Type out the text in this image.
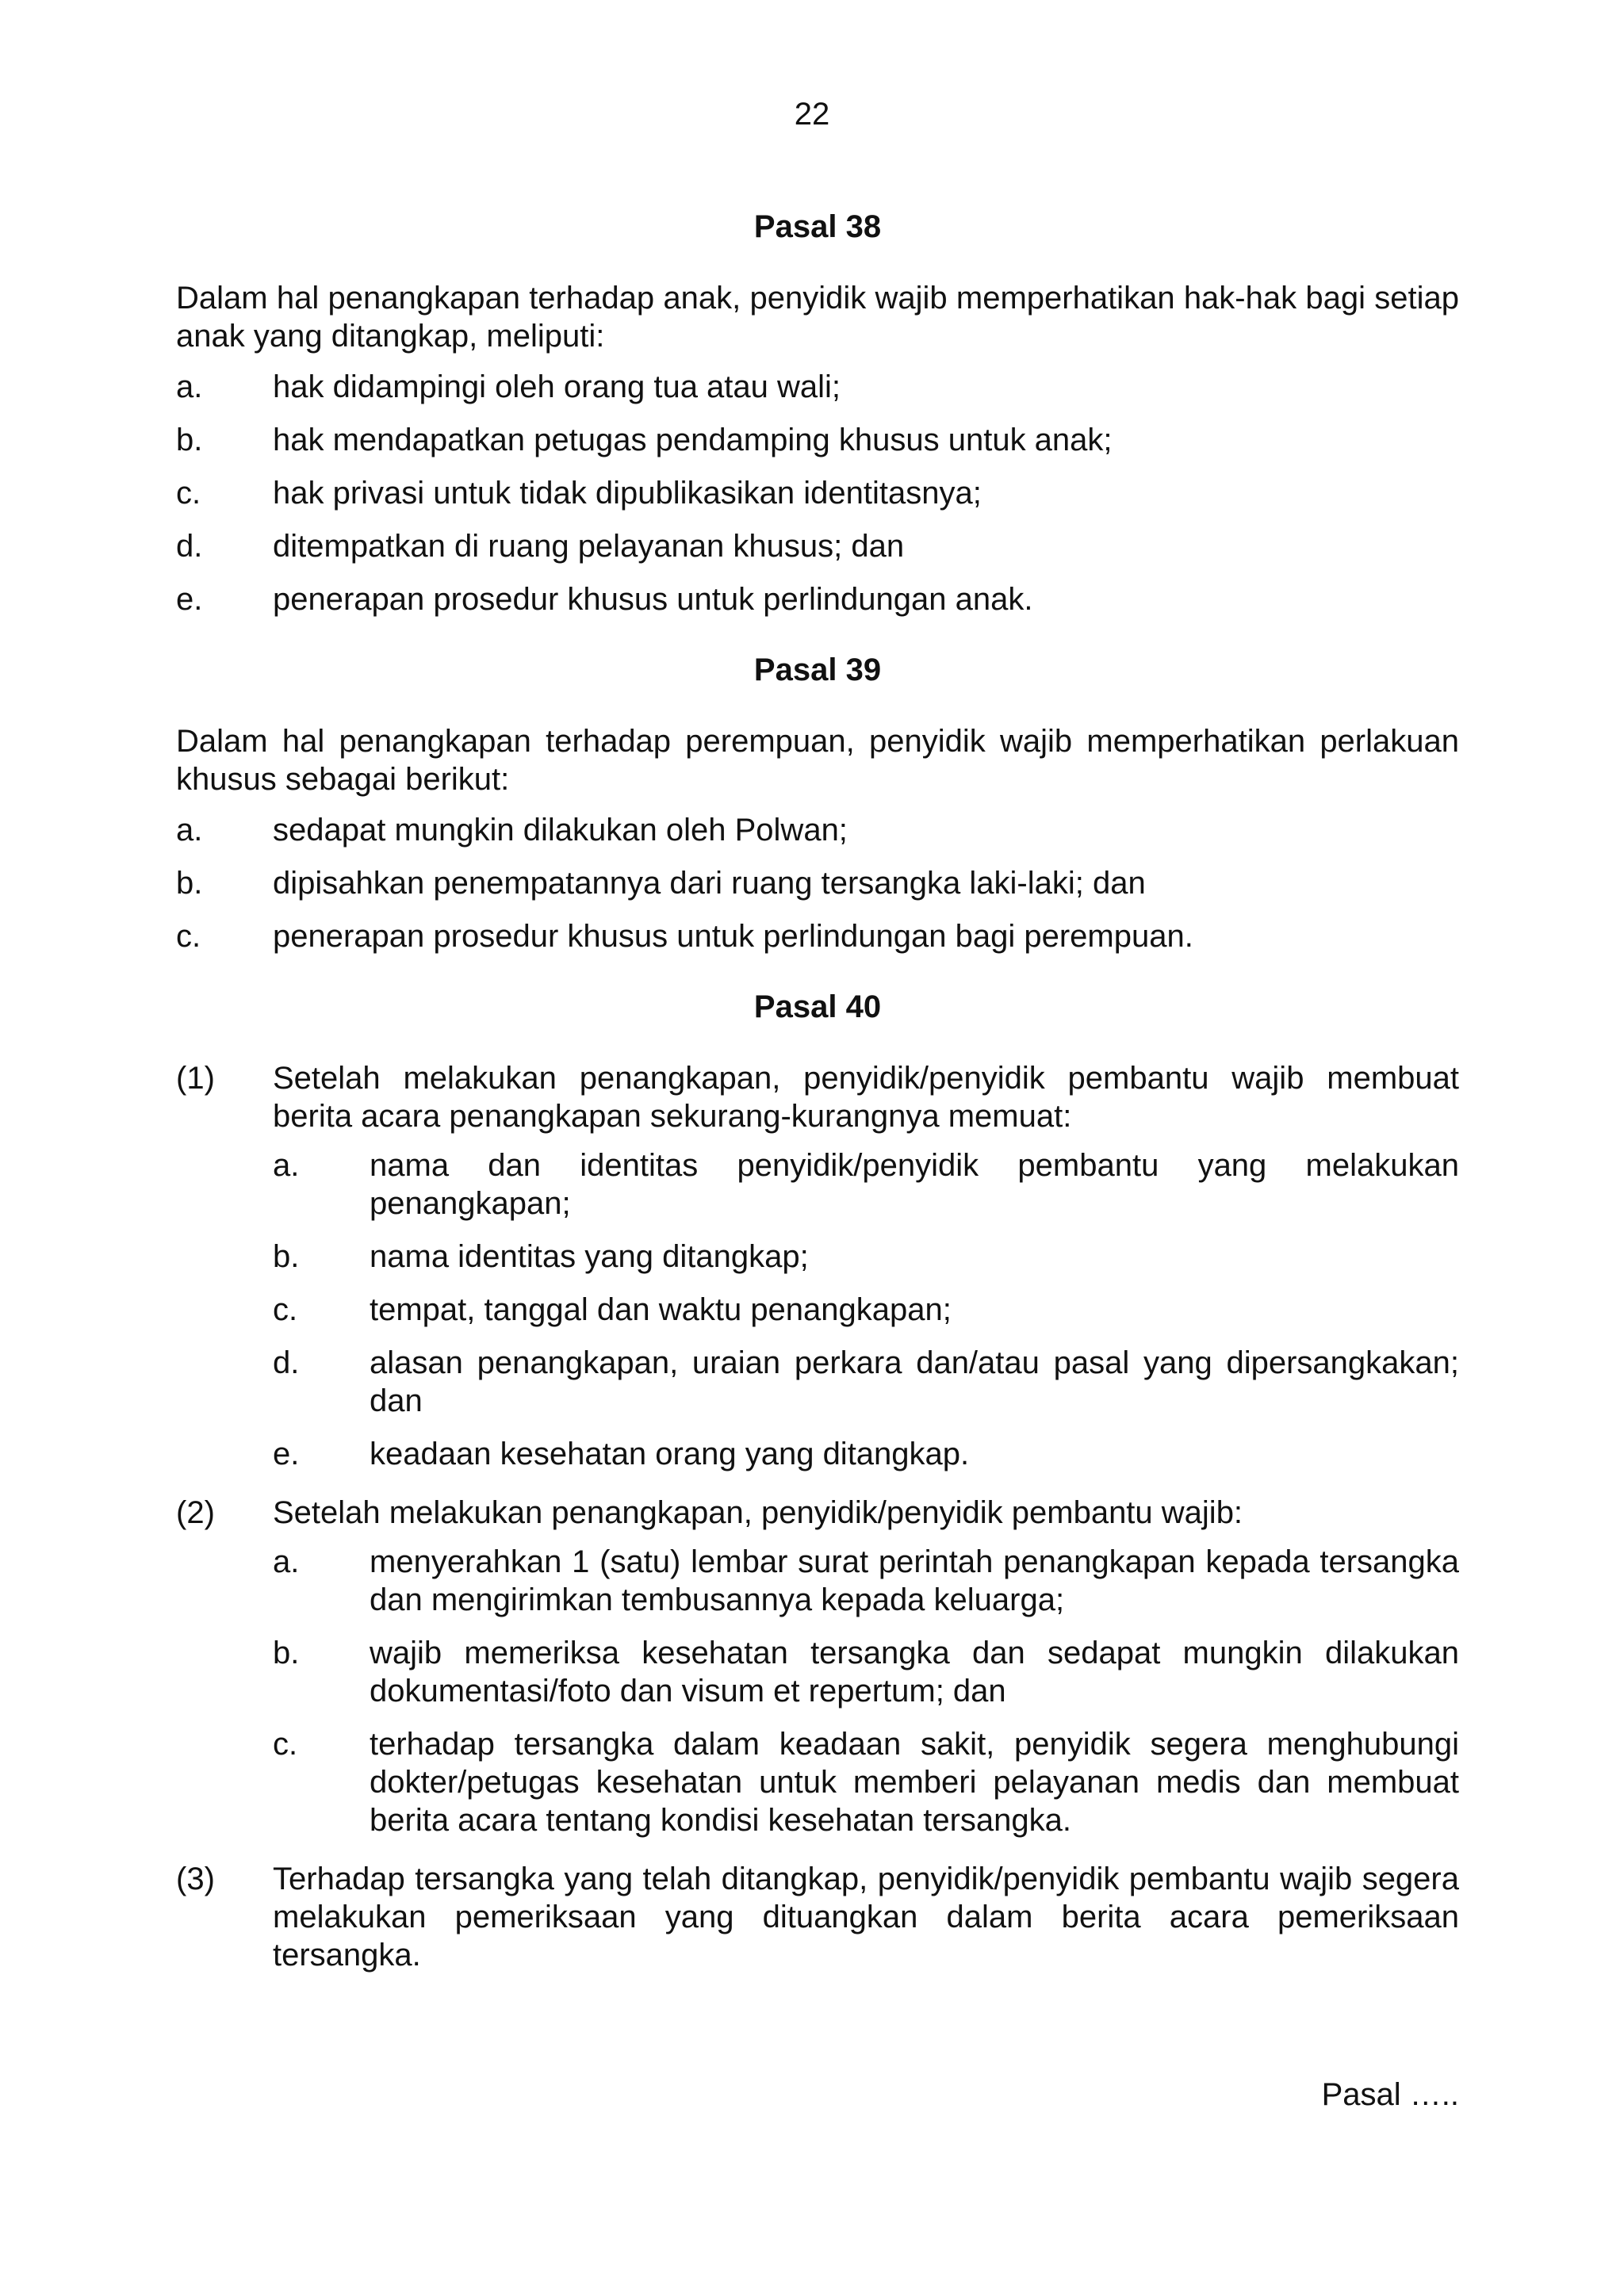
22
Pasal 38
Dalam hal penangkapan terhadap anak, penyidik wajib memperhatikan hak-hak bagi setiap anak yang ditangkap, meliputi:
a.	hak didampingi oleh orang tua atau wali;
b.	hak mendapatkan petugas pendamping khusus untuk anak;
c.	hak privasi untuk tidak dipublikasikan identitasnya;
d.	ditempatkan di ruang pelayanan khusus; dan
e.	penerapan prosedur khusus untuk perlindungan anak.
Pasal 39
Dalam hal penangkapan terhadap perempuan, penyidik wajib memperhatikan perlakuan khusus sebagai berikut:
a.	sedapat mungkin dilakukan oleh Polwan;
b.	dipisahkan penempatannya dari ruang tersangka laki-laki; dan
c.	penerapan prosedur khusus untuk perlindungan bagi perempuan.
Pasal 40
(1)	Setelah melakukan penangkapan, penyidik/penyidik pembantu wajib membuat berita acara penangkapan sekurang-kurangnya memuat:
a.	nama dan identitas penyidik/penyidik pembantu yang melakukan penangkapan;
b.	nama identitas yang ditangkap;
c.	tempat, tanggal dan waktu penangkapan;
d.	alasan penangkapan, uraian perkara dan/atau pasal yang dipersangkakan; dan
e.	keadaan kesehatan orang yang ditangkap.
(2)	Setelah melakukan penangkapan, penyidik/penyidik pembantu wajib:
a.	menyerahkan 1 (satu) lembar surat perintah penangkapan kepada tersangka dan mengirimkan tembusannya kepada keluarga;
b.	wajib memeriksa kesehatan tersangka dan sedapat mungkin dilakukan dokumentasi/foto dan visum et repertum; dan
c.	terhadap tersangka dalam keadaan sakit, penyidik segera menghubungi dokter/petugas kesehatan untuk memberi pelayanan medis dan membuat berita acara tentang kondisi kesehatan tersangka.
(3)	Terhadap tersangka yang telah ditangkap, penyidik/penyidik pembantu wajib segera melakukan pemeriksaan yang dituangkan dalam berita acara pemeriksaan tersangka.
Pasal …..
